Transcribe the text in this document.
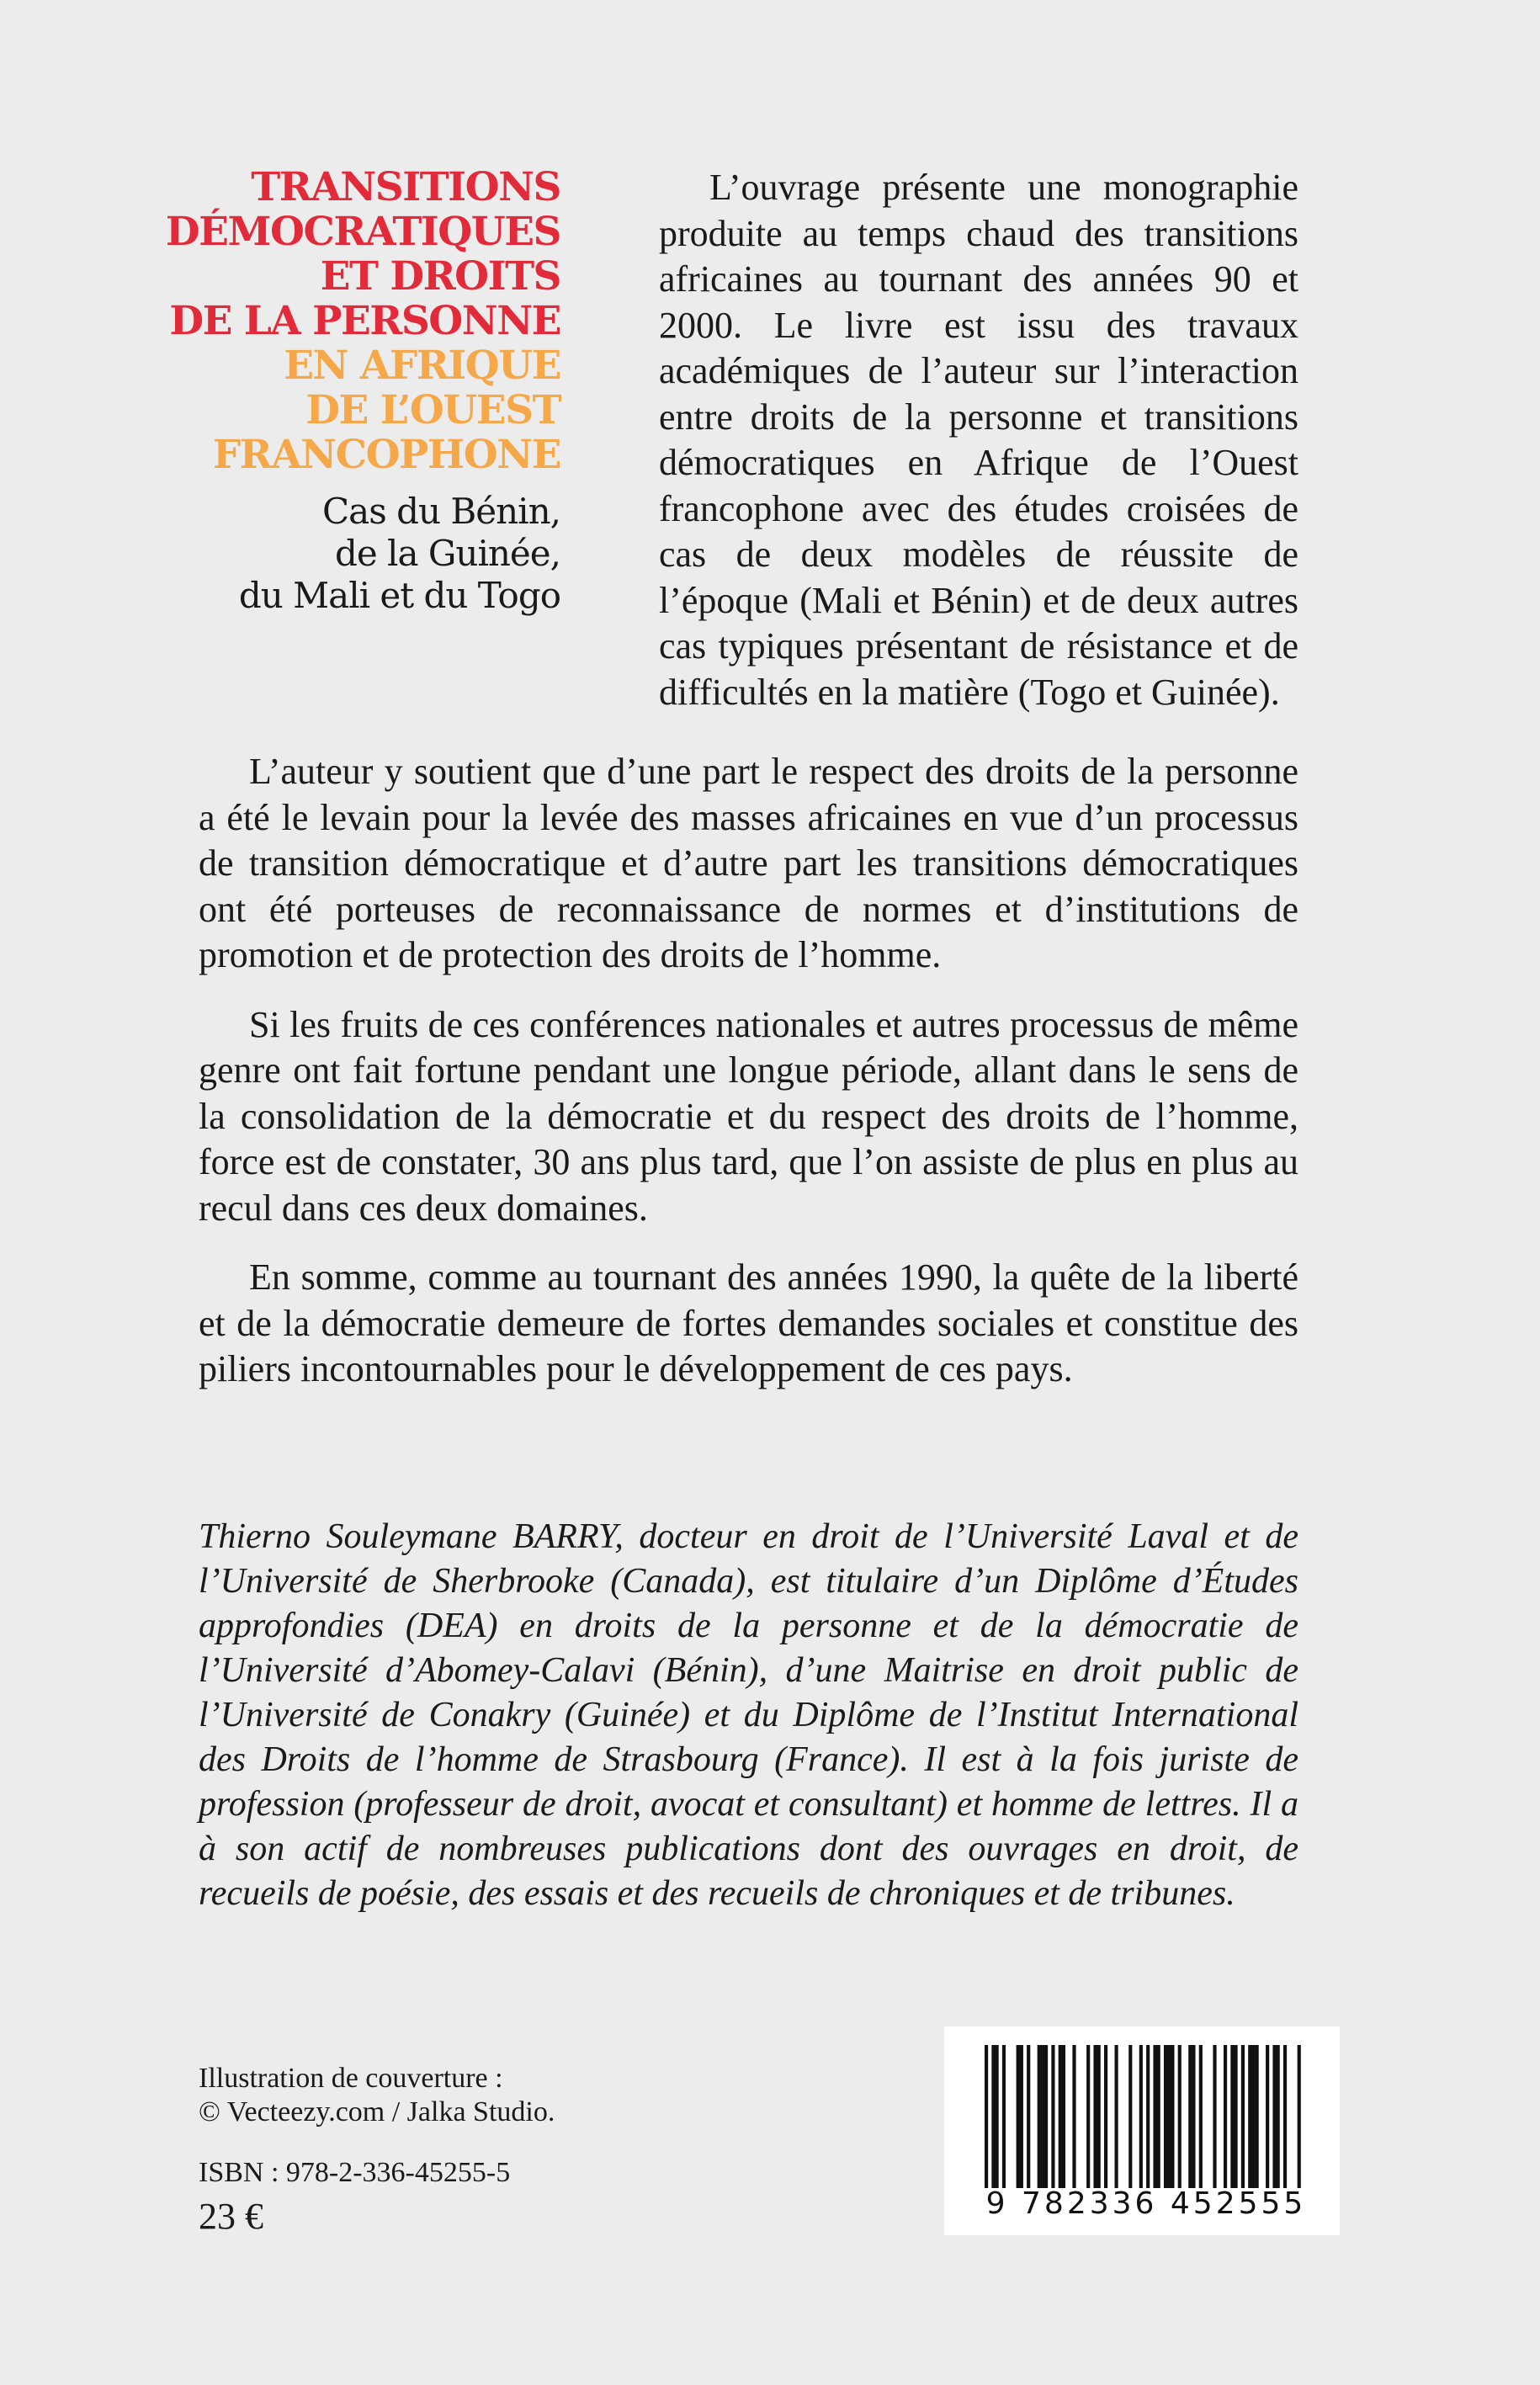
TRANSITIONS
DÉMOCRATIQUES
ET DROITS
DE LA PERSONNE
EN AFRIQUE
DE L’OUEST
FRANCOPHONE
Cas du Bénin,
de la Guinée,
du Mali et du Togo

L’ouvrage présente une monographie produite au temps chaud des transitions africaines au tournant des années 90 et 2000. Le livre est issu des travaux académiques de l’auteur sur l’interaction entre droits de la personne et transitions démocratiques en Afrique de l’Ouest francophone avec des études croisées de cas de deux modèles de réussite de l’époque (Mali et Bénin) et de deux autres cas typiques présentant de résistance et de difficultés en la matière (Togo et Guinée).

L’auteur y soutient que d’une part le respect des droits de la personne a été le levain pour la levée des masses africaines en vue d’un processus de transition démocratique et d’autre part les transitions démocratiques ont été porteuses de reconnaissance de normes et d’institutions de promotion et de protection des droits de l’homme.

Si les fruits de ces conférences nationales et autres processus de même genre ont fait fortune pendant une longue période, allant dans le sens de la consolidation de la démocratie et du respect des droits de l’homme, force est de constater, 30 ans plus tard, que l’on assiste de plus en plus au recul dans ces deux domaines.

En somme, comme au tournant des années 1990, la quête de la liberté et de la démocratie demeure de fortes demandes sociales et constitue des piliers incontournables pour le développement de ces pays.

Thierno Souleymane BARRY, docteur en droit de l’Université Laval et de l’Université de Sherbrooke (Canada), est titulaire d’un Diplôme d’Études approfondies (DEA) en droits de la personne et de la démocratie de l’Université d’Abomey-Calavi (Bénin), d’une Maitrise en droit public de l’Université de Conakry (Guinée) et du Diplôme de l’Institut International des Droits de l’homme de Strasbourg (France). Il est à la fois juriste de profession (professeur de droit, avocat et consultant) et homme de lettres. Il a à son actif de nombreuses publications dont des ouvrages en droit, de recueils de poésie, des essais et des recueils de chroniques et de tribunes.

Illustration de couverture :
© Vecteezy.com / Jalka Studio.
ISBN : 978-2-336-45255-5
23 €	9 782336 452555
